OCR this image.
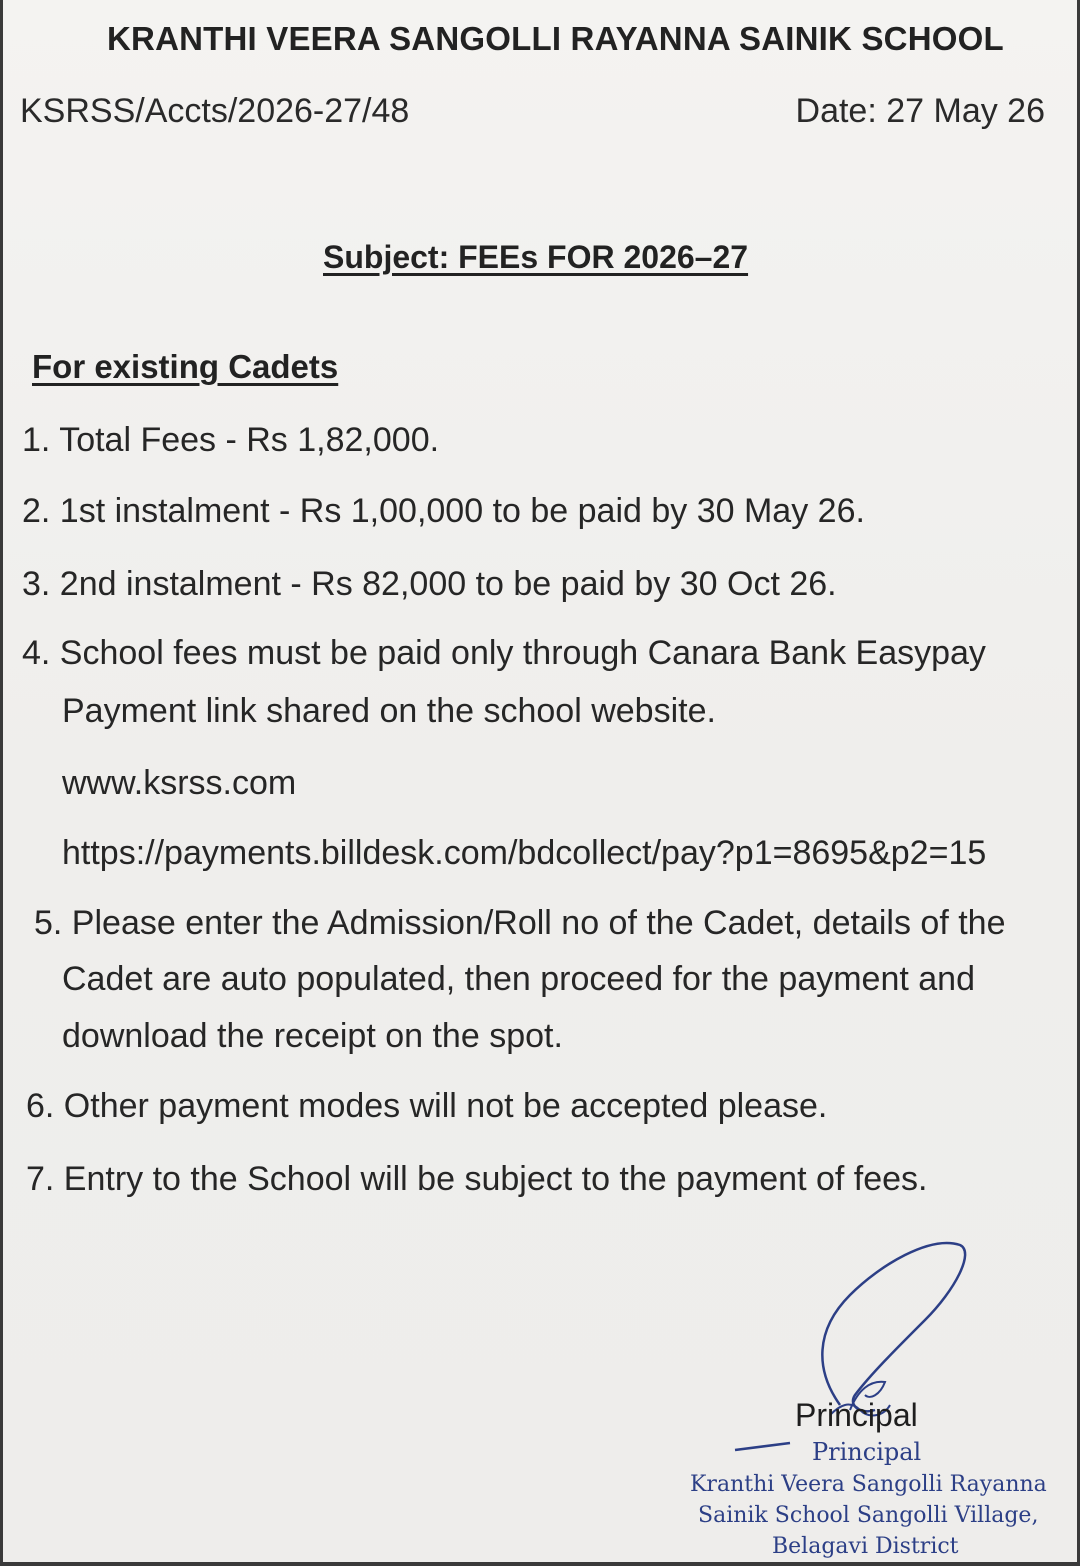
KRANTHI VEERA SANGOLLI RAYANNA SAINIK SCHOOL
KSRSS/Accts/2026-27/48	Date: 27 May 26
Subject: FEEs FOR 2026–27
For existing Cadets
1. Total Fees - Rs 1,82,000.
2. 1st instalment - Rs 1,00,000 to be paid by 30 May 26.
3. 2nd instalment - Rs 82,000 to be paid by 30 Oct 26.
4. School fees must be paid only through Canara Bank Easypay
Payment link shared on the school website.
www.ksrss.com
https://payments.billdesk.com/bdcollect/pay?p1=8695&p2=15
5. Please enter the Admission/Roll no of the Cadet, details of the
Cadet are auto populated, then proceed for the payment and
download the receipt on the spot.
6. Other payment modes will not be accepted please.
7. Entry to the School will be subject to the payment of fees.
Principal
Principal
Kranthi Veera Sangolli Rayanna
Sainik School Sangolli Village,
Belagavi District
